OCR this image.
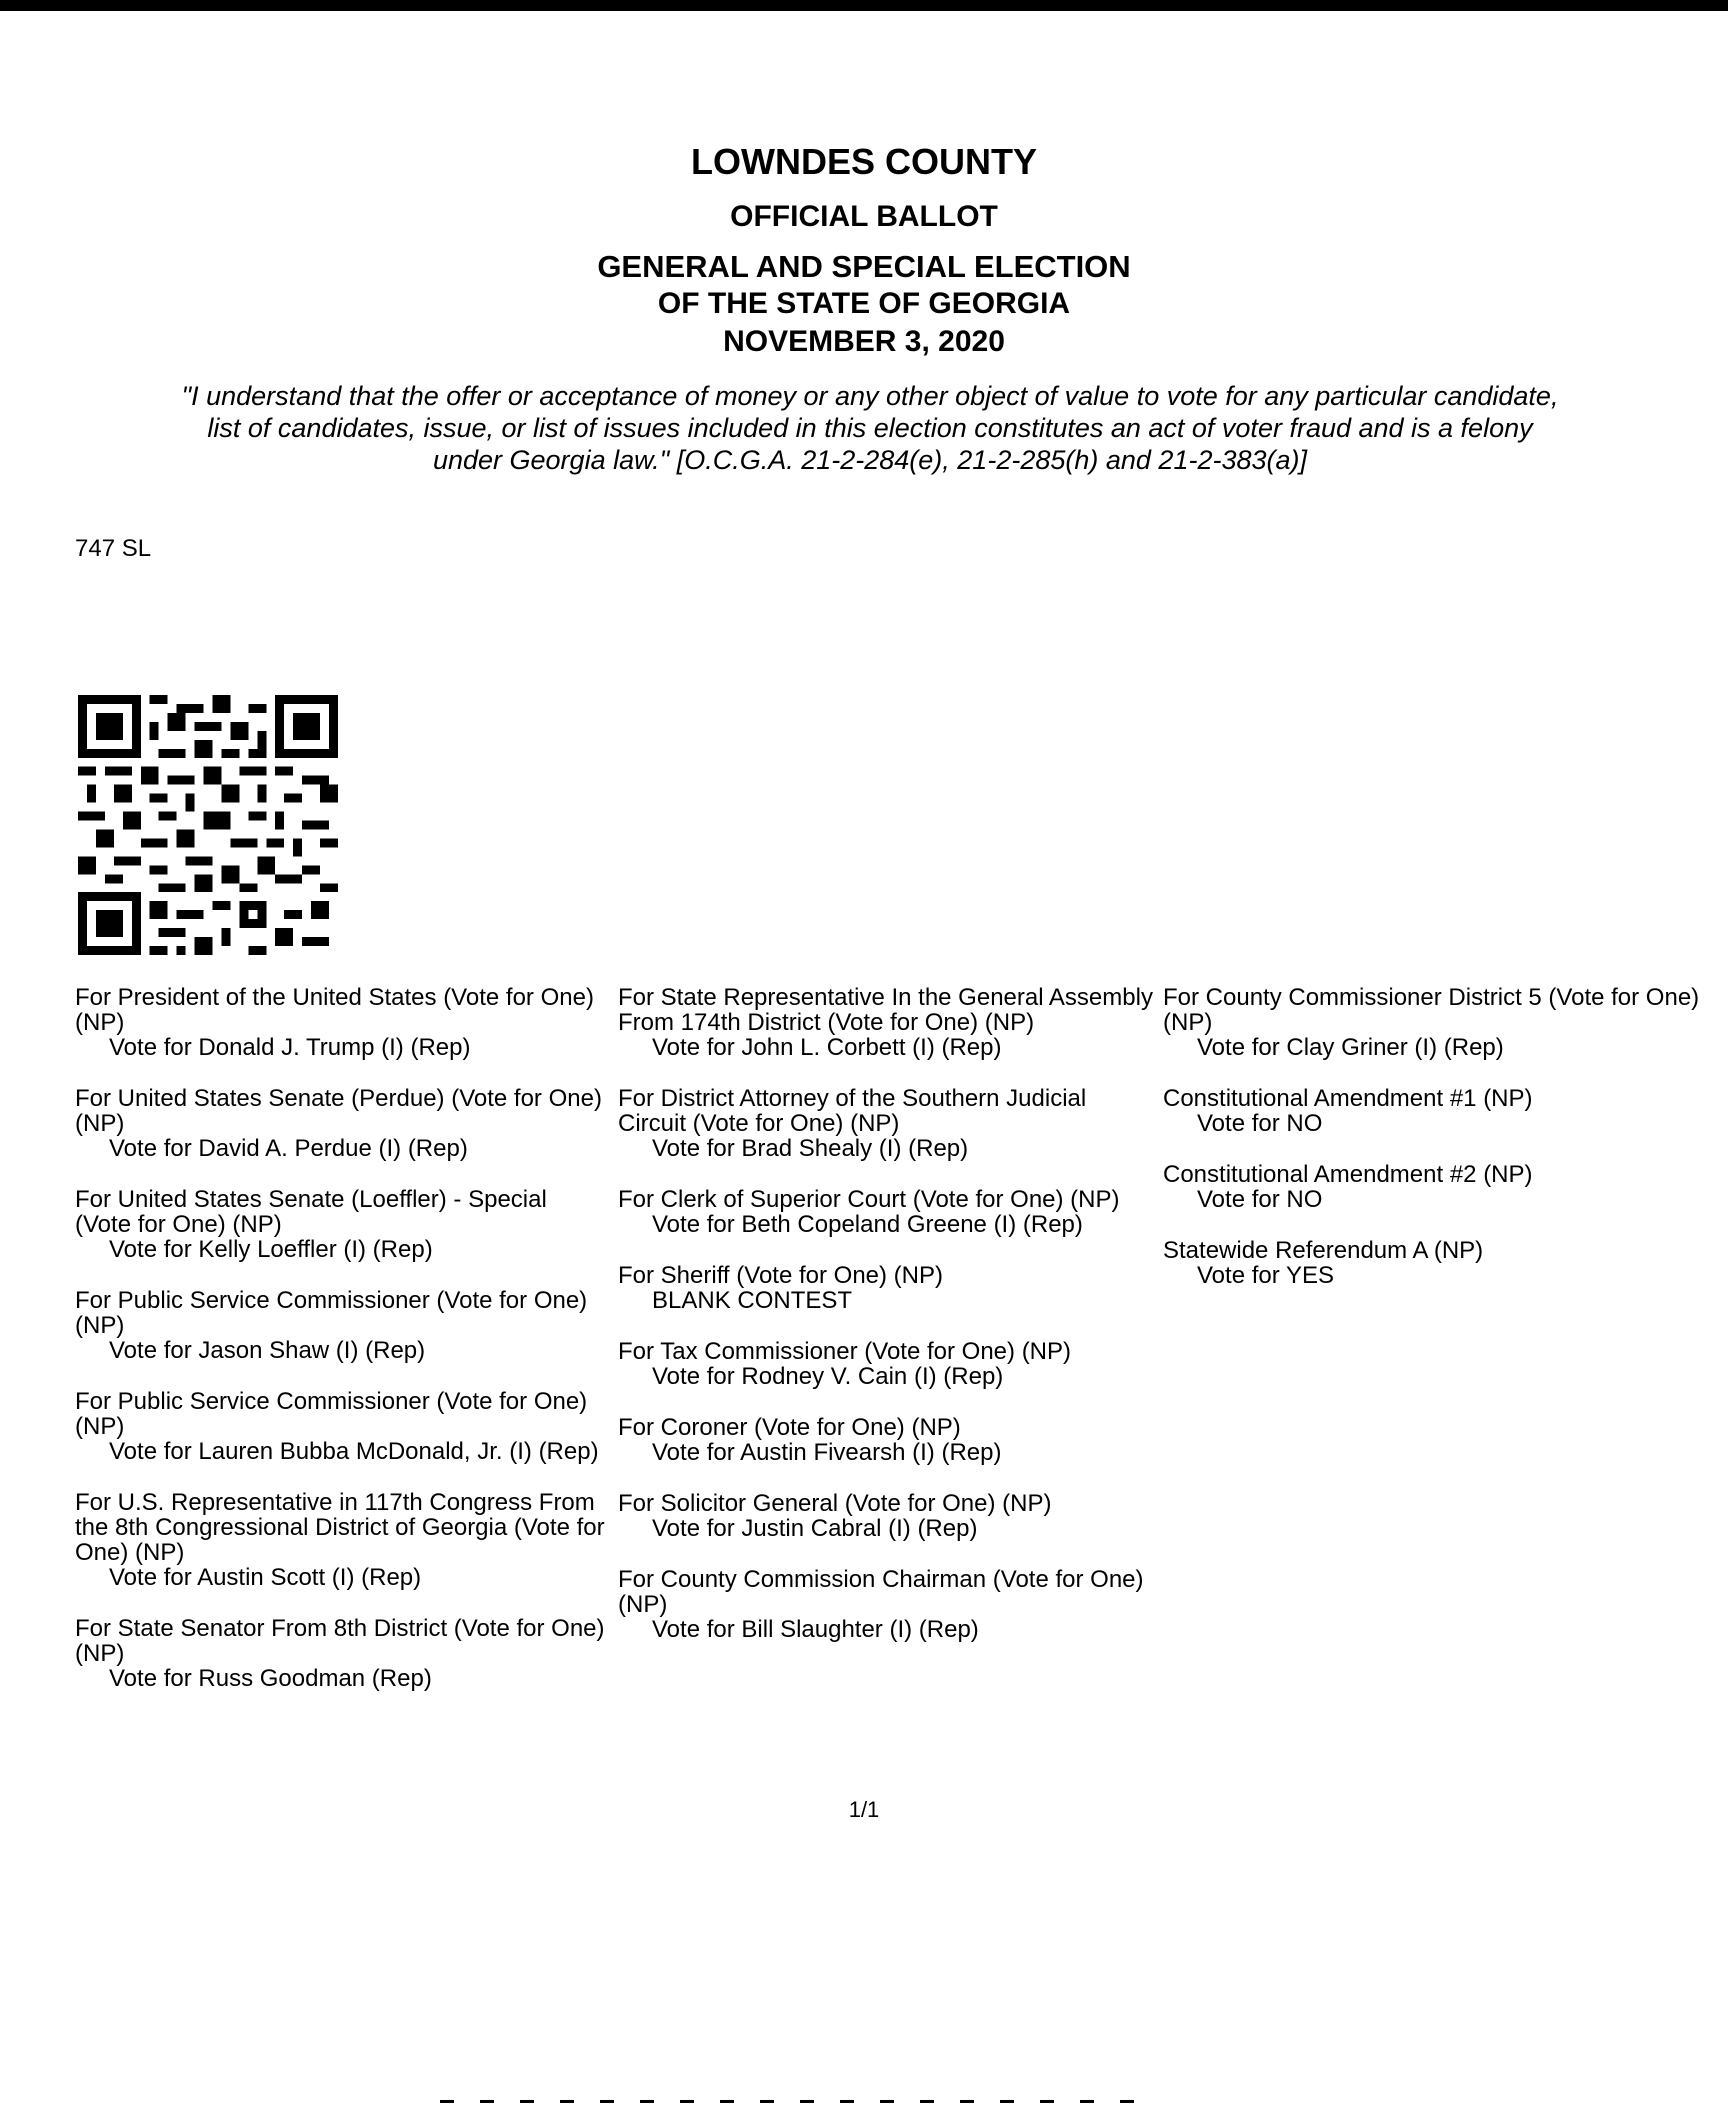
LOWNDES COUNTY

OFFICIAL BALLOT

GENERAL AND SPECIAL ELECTION

OF THE STATE OF GEORGIA

NOVEMBER 3, 2020

"I understand that the offer or acceptance of money or any other object of value to vote for any particular candidate,
list of candidates, issue, or list of issues included in this election constitutes an act of voter fraud and is a felony
under Georgia law." [O.C.G.A. 21-2-284(e), 21-2-285(h) and 21-2-383(a)]
747 SL
For President of the United States (Vote for One) (NP)
Vote for Donald J. Trump (I) (Rep)
For United States Senate (Perdue) (Vote for One) (NP)
Vote for David A. Perdue (I) (Rep)
For United States Senate (Loeffler) - Special (Vote for One) (NP)
Vote for Kelly Loeffler (I) (Rep)
For Public Service Commissioner (Vote for One) (NP)
Vote for Jason Shaw (I) (Rep)
For Public Service Commissioner (Vote for One) (NP)
Vote for Lauren Bubba McDonald, Jr. (I) (Rep)
For U.S. Representative in 117th Congress From the 8th Congressional District of Georgia (Vote for One) (NP)
Vote for Austin Scott (I) (Rep)
For State Senator From 8th District (Vote for One) (NP)
Vote for Russ Goodman (Rep)
For State Representative In the General Assembly From 174th District (Vote for One) (NP)
Vote for John L. Corbett (I) (Rep)
For District Attorney of the Southern Judicial Circuit (Vote for One) (NP)
Vote for Brad Shealy (I) (Rep)
For Clerk of Superior Court (Vote for One) (NP)
Vote for Beth Copeland Greene (I) (Rep)
For Sheriff (Vote for One) (NP)
BLANK CONTEST
For Tax Commissioner (Vote for One) (NP)
Vote for Rodney V. Cain (I) (Rep)
For Coroner (Vote for One) (NP)
Vote for Austin Fivearsh (I) (Rep)
For Solicitor General (Vote for One) (NP)
Vote for Justin Cabral (I) (Rep)
For County Commission Chairman (Vote for One) (NP)
Vote for Bill Slaughter (I) (Rep)
For County Commissioner District 5 (Vote for One) (NP)
Vote for Clay Griner (I) (Rep)
Constitutional Amendment #1 (NP)
Vote for NO
Constitutional Amendment #2 (NP)
Vote for NO
Statewide Referendum A (NP)
Vote for YES
1/1
